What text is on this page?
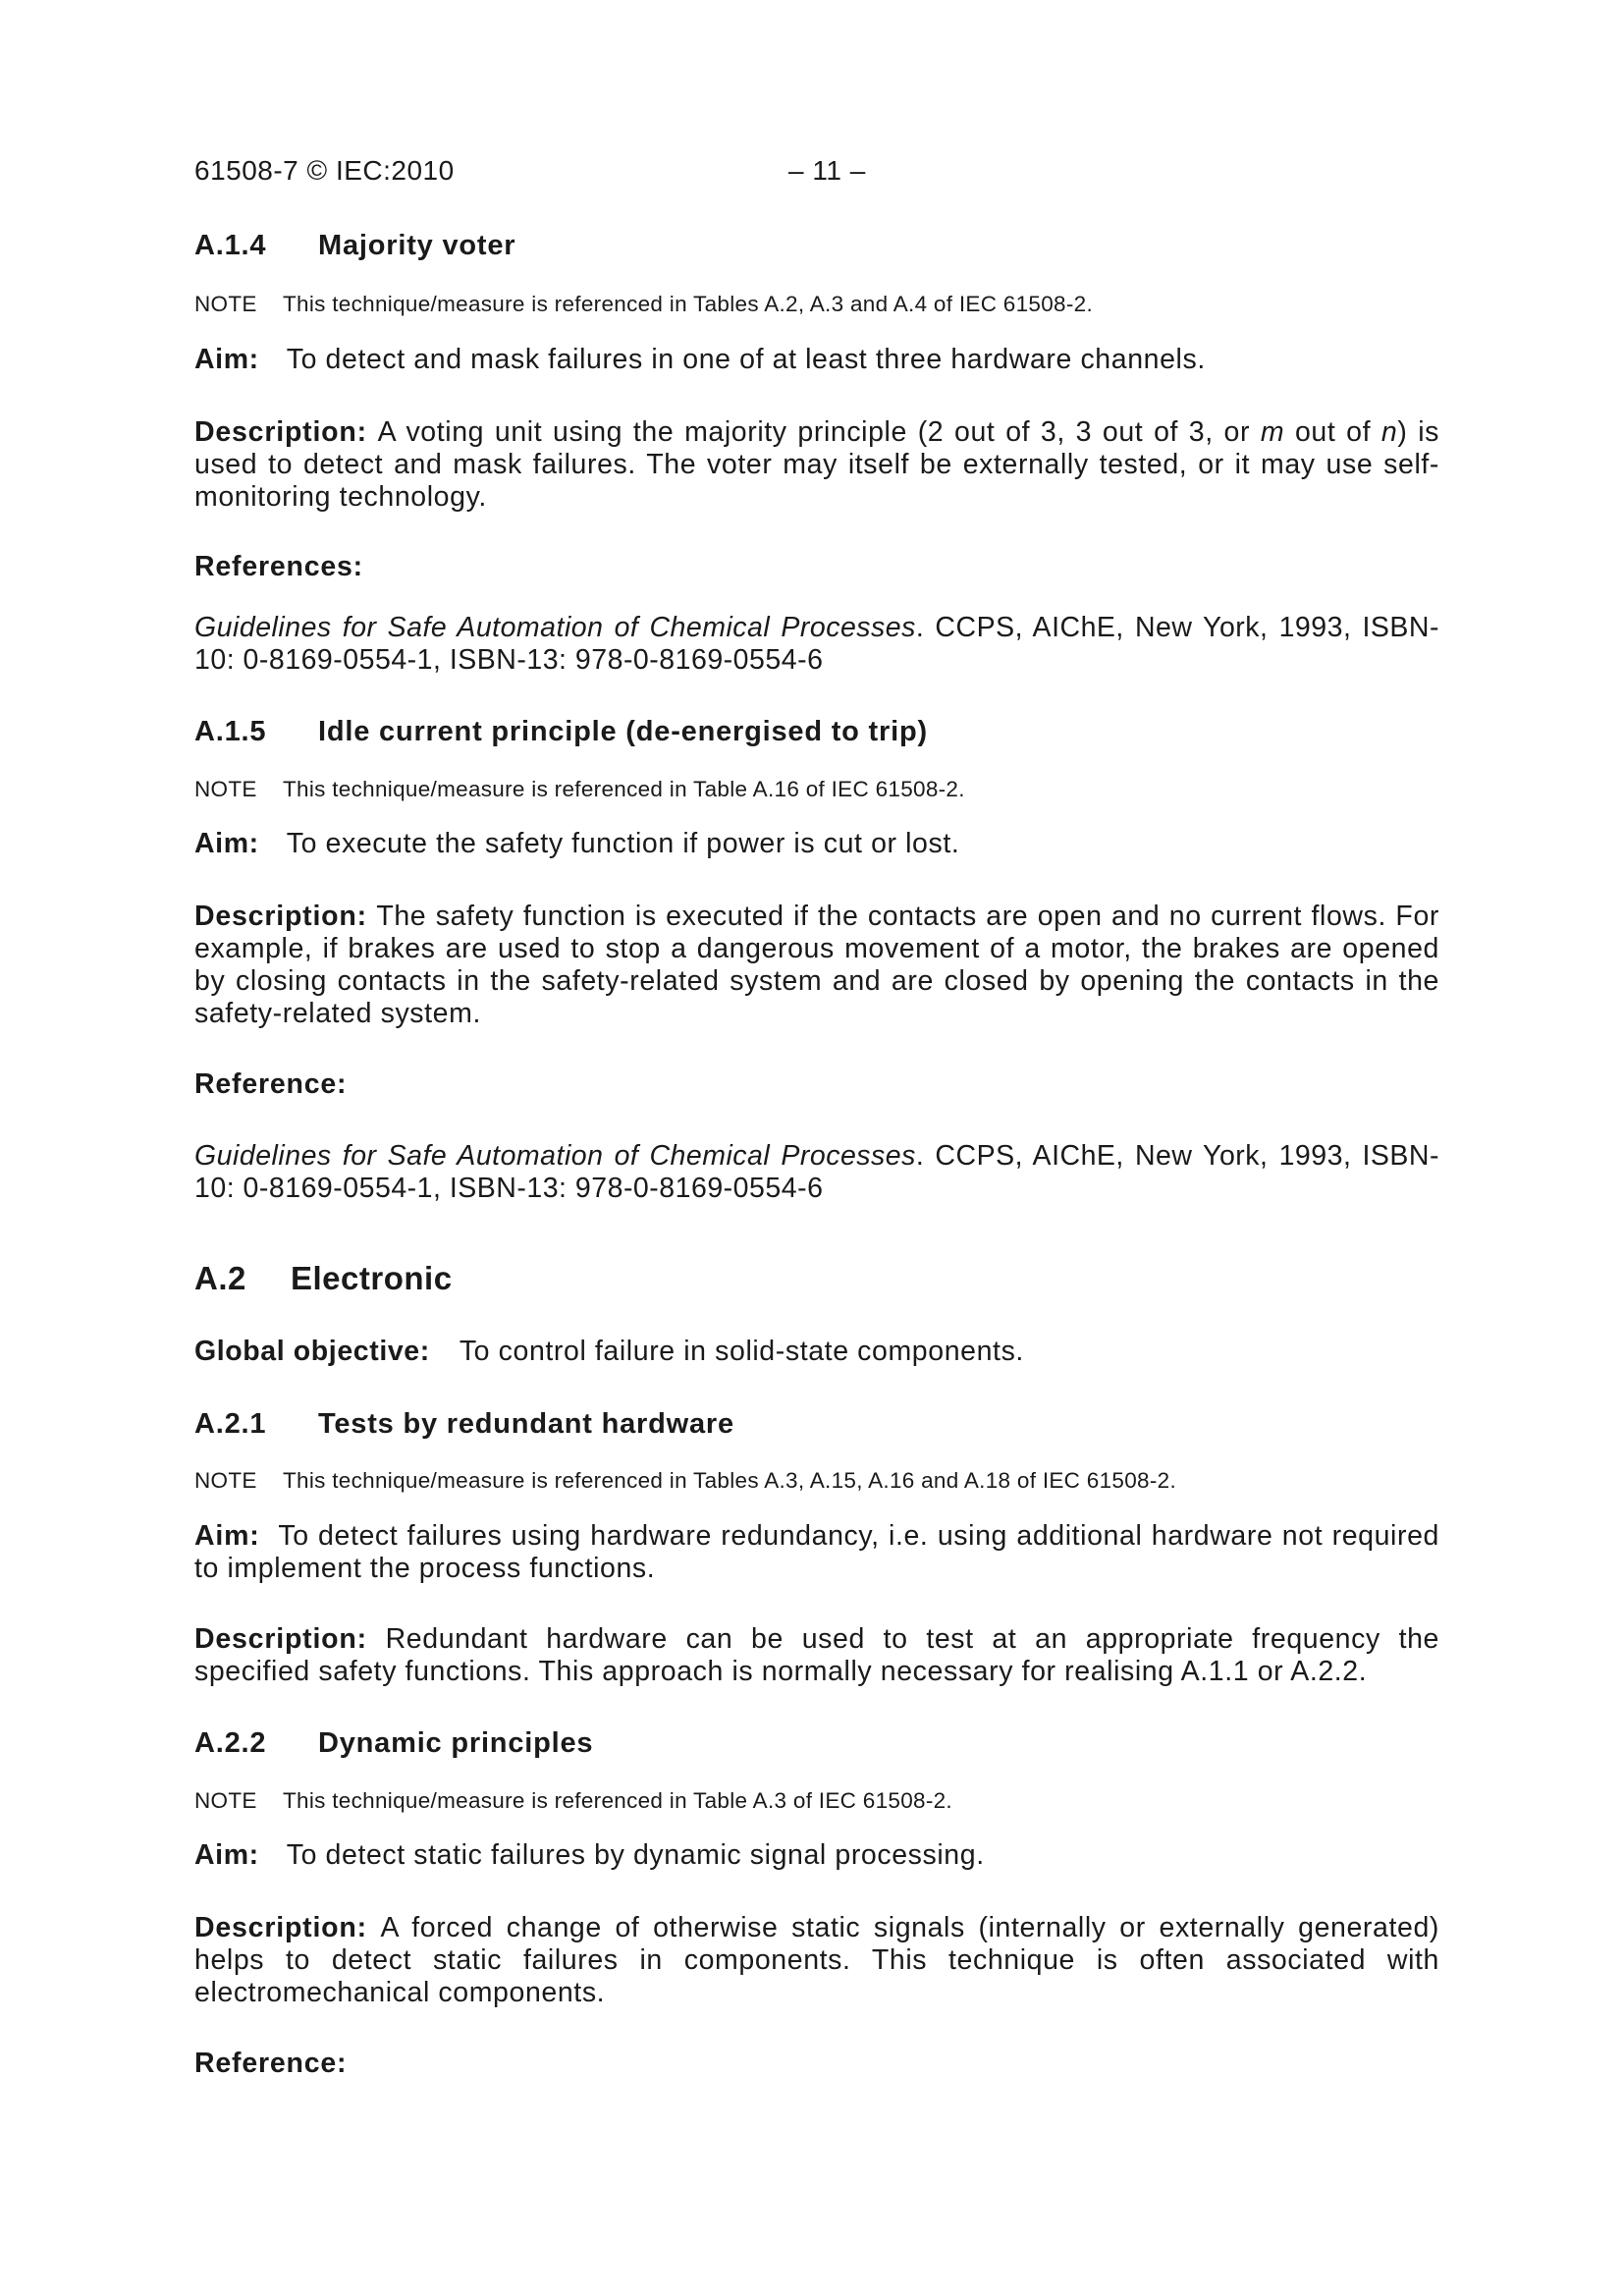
61508-7 © IEC:2010	– 11 –
A.1.4 Majority voter
NOTE This technique/measure is referenced in Tables A.2, A.3 and A.4 of IEC 61508-2.
Aim: To detect and mask failures in one of at least three hardware channels.
Description: A voting unit using the majority principle (2 out of 3, 3 out of 3, or m out of n) is used to detect and mask failures. The voter may itself be externally tested, or it may use self-monitoring technology.
References:
Guidelines for Safe Automation of Chemical Processes. CCPS, AIChE, New York, 1993, ISBN-10: 0-8169-0554-1, ISBN-13: 978-0-8169-0554-6
A.1.5 Idle current principle (de-energised to trip)
NOTE This technique/measure is referenced in Table A.16 of IEC 61508-2.
Aim: To execute the safety function if power is cut or lost.
Description: The safety function is executed if the contacts are open and no current flows. For example, if brakes are used to stop a dangerous movement of a motor, the brakes are opened by closing contacts in the safety-related system and are closed by opening the contacts in the safety-related system.
Reference:
Guidelines for Safe Automation of Chemical Processes. CCPS, AIChE, New York, 1993, ISBN-10: 0-8169-0554-1, ISBN-13: 978-0-8169-0554-6
A.2 Electronic
Global objective: To control failure in solid-state components.
A.2.1 Tests by redundant hardware
NOTE This technique/measure is referenced in Tables A.3, A.15, A.16 and A.18 of IEC 61508-2.
Aim: To detect failures using hardware redundancy, i.e. using additional hardware not required to implement the process functions.
Description: Redundant hardware can be used to test at an appropriate frequency the specified safety functions. This approach is normally necessary for realising A.1.1 or A.2.2.
A.2.2 Dynamic principles
NOTE This technique/measure is referenced in Table A.3 of IEC 61508-2.
Aim: To detect static failures by dynamic signal processing.
Description: A forced change of otherwise static signals (internally or externally generated) helps to detect static failures in components. This technique is often associated with electromechanical components.
Reference:
